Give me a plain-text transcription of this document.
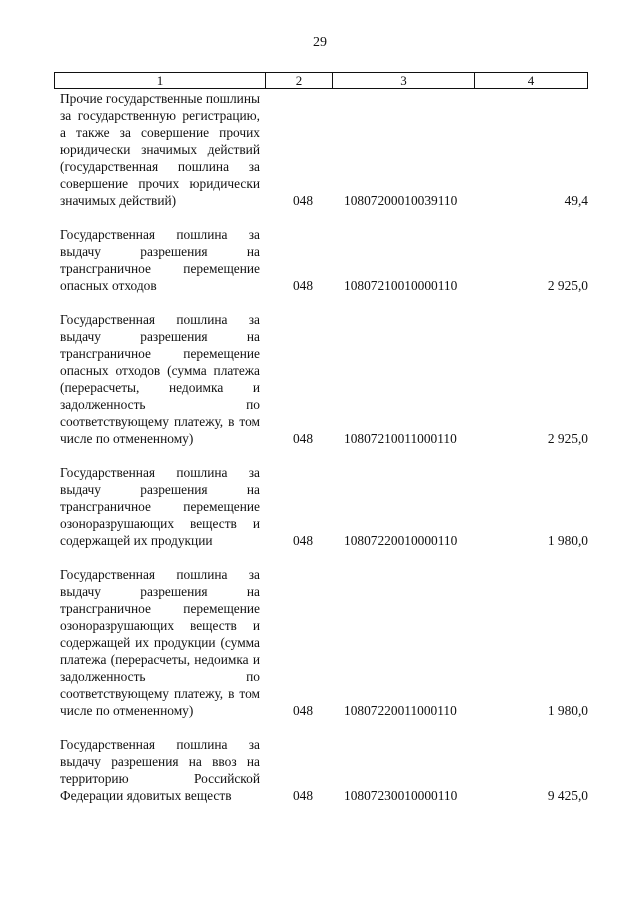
29
1	2	3	4
Прочие государственные пошлины за государственную регистрацию, а также за совершение прочих юридически значимых действий (государственная пошлина за совершение прочих юридически значимых действий)	048	10807200010039110	49,4
Государственная пошлина за выдачу разрешения на трансграничное перемещение опасных отходов	048	10807210010000110	2 925,0
Государственная пошлина за выдачу разрешения на трансграничное перемещение опасных отходов (сумма платежа (перерасчеты, недоимка и задолженность по соответствующему платежу, в том числе по отмененному)	048	10807210011000110	2 925,0
Государственная пошлина за выдачу разрешения на трансграничное перемещение озоноразрушающих веществ и содержащей их продукции	048	10807220010000110	1 980,0
Государственная пошлина за выдачу разрешения на трансграничное перемещение озоноразрушающих веществ и содержащей их продукции (сумма платежа (перерасчеты, недоимка и задолженность по соответствующему платежу, в том числе по отмененному)	048	10807220011000110	1 980,0
Государственная пошлина за выдачу разрешения на ввоз на территорию Российской Федерации ядовитых веществ	048	10807230010000110	9 425,0
